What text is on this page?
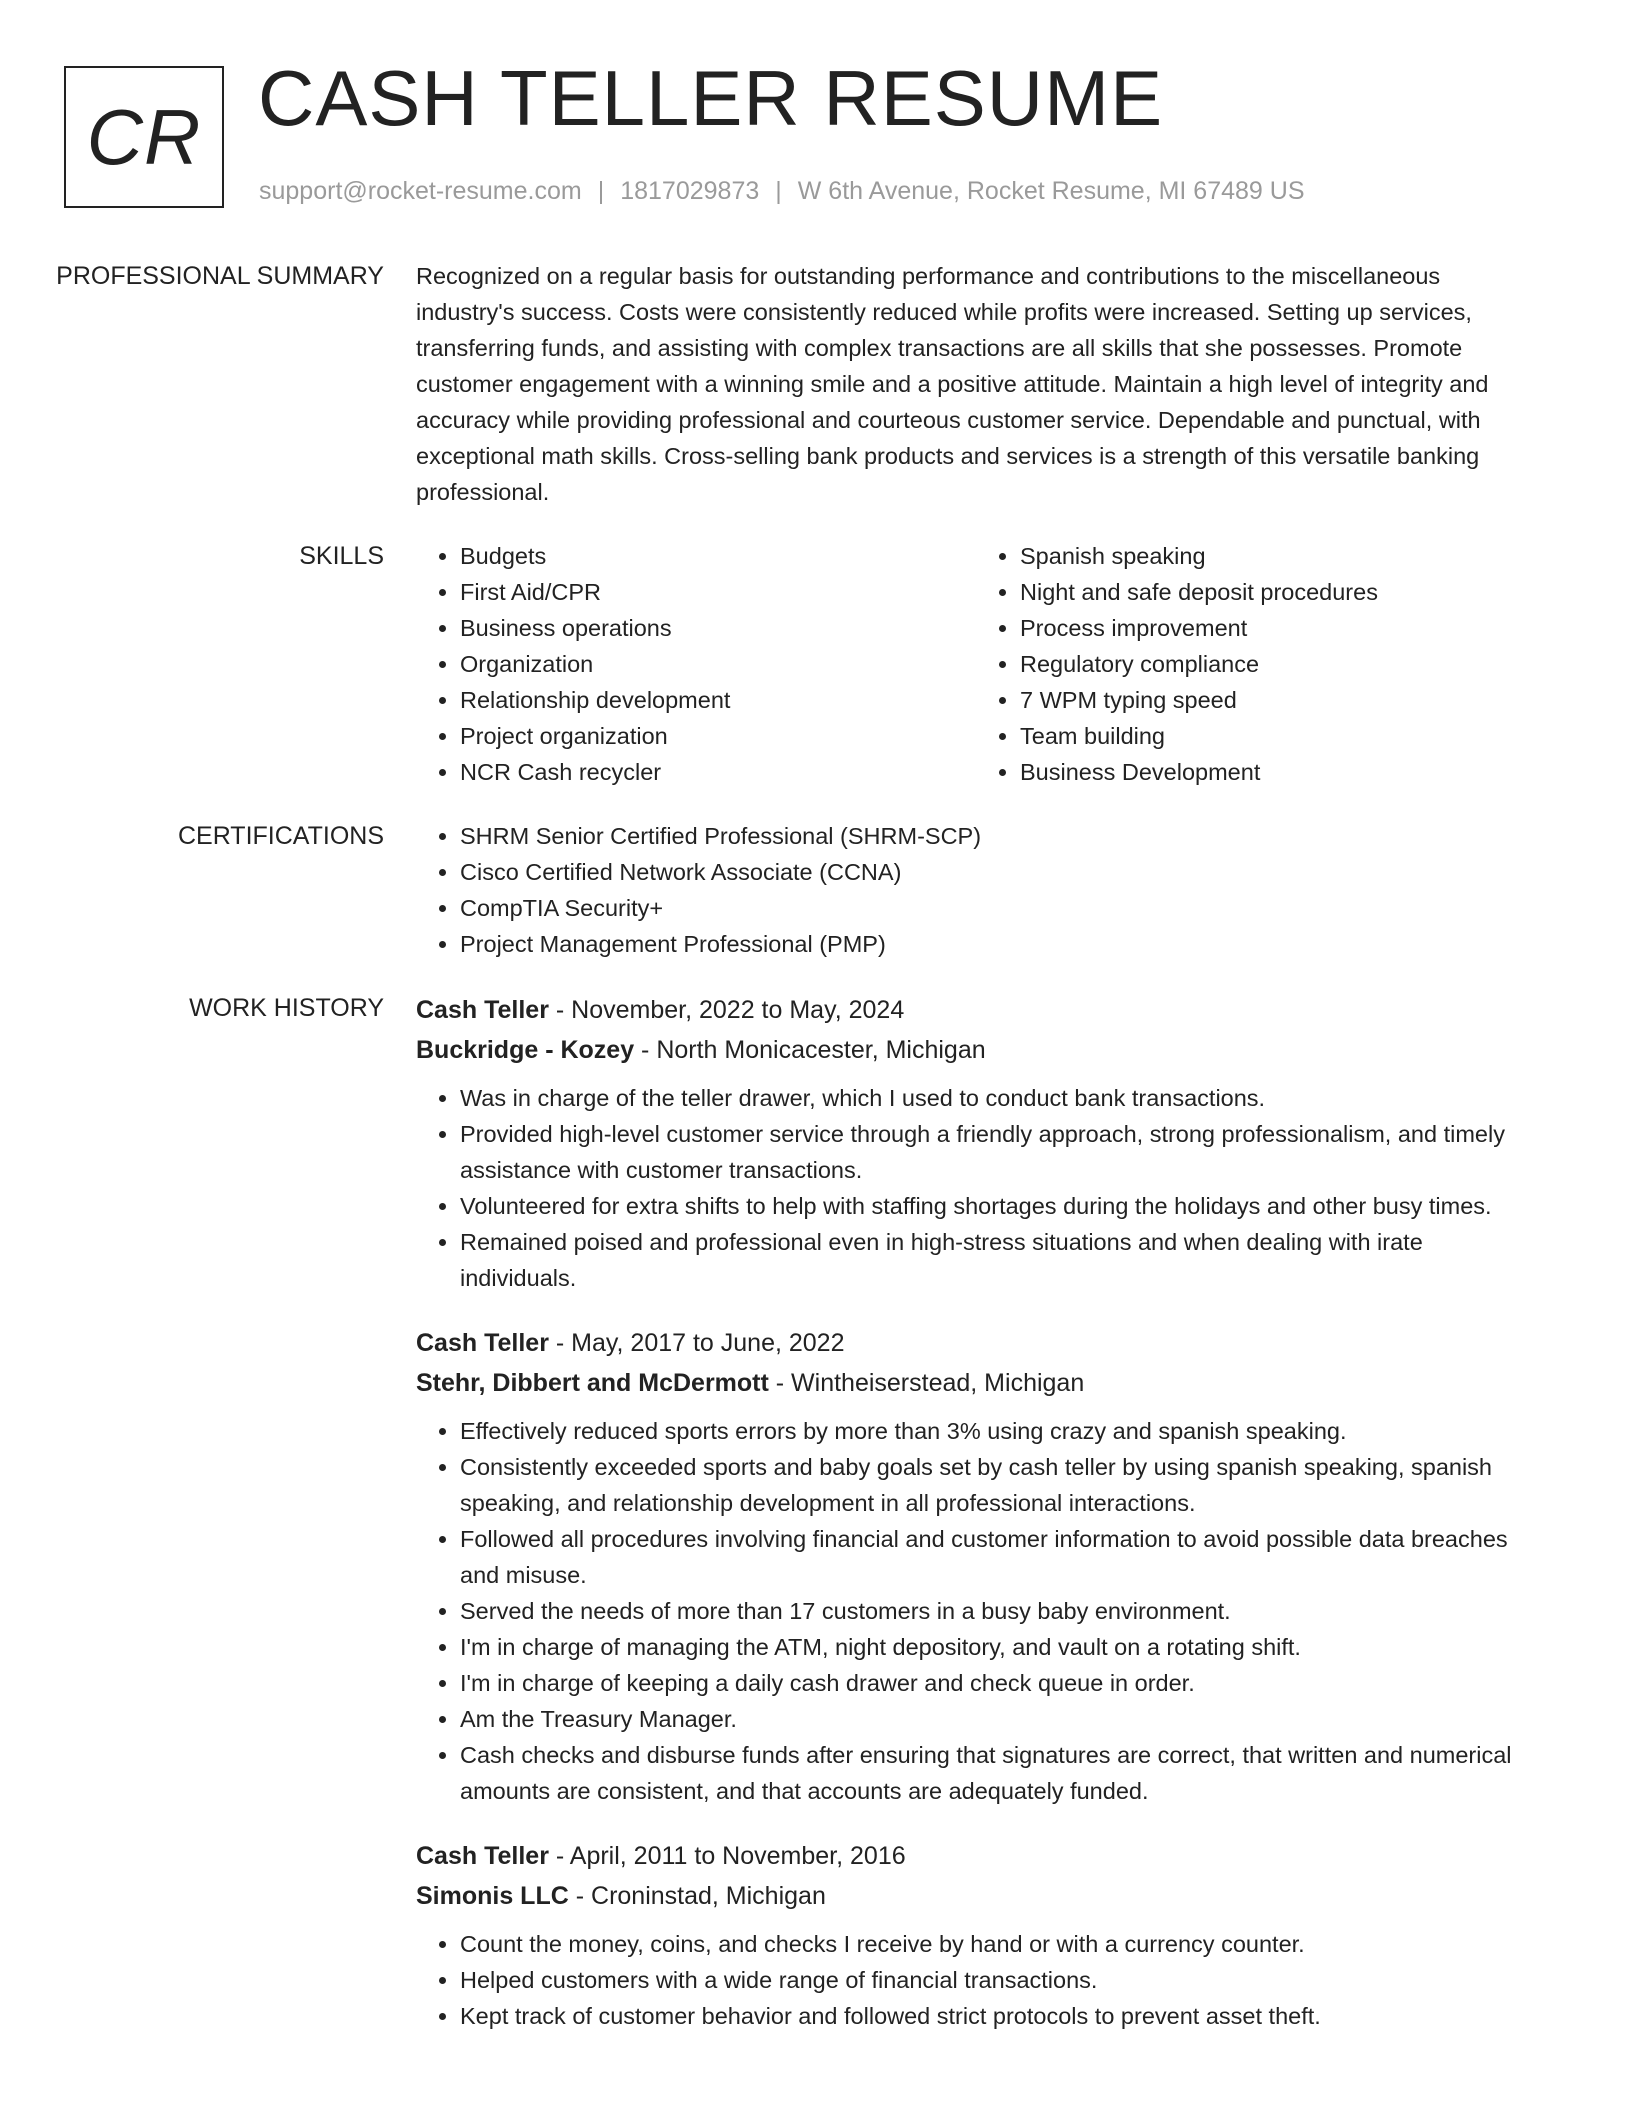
CR CASH TELLER RESUME
support@rocket-resume.com | 1817029873 | W 6th Avenue, Rocket Resume, MI 67489 US
PROFESSIONAL SUMMARY	Recognized on a regular basis for outstanding performance and contributions to the miscellaneous industry's success. Costs were consistently reduced while profits were increased. Setting up services, transferring funds, and assisting with complex transactions are all skills that she possesses. Promote customer engagement with a winning smile and a positive attitude. Maintain a high level of integrity and accuracy while providing professional and courteous customer service. Dependable and punctual, with exceptional math skills. Cross-selling bank products and services is a strength of this versatile banking professional.

SKILLS	• Budgets
• First Aid/CPR
• Business operations
• Organization
• Relationship development
• Project organization
• NCR Cash recycler
• Spanish speaking
• Night and safe deposit procedures
• Process improvement
• Regulatory compliance
• 7 WPM typing speed
• Team building
• Business Development
CERTIFICATIONS	• SHRM Senior Certified Professional (SHRM-SCP)
• Cisco Certified Network Associate (CCNA)
• CompTIA Security+
• Project Management Professional (PMP)
WORK HISTORY	Cash Teller - November, 2022 to May, 2024
Buckridge - Kozey - North Monicacester, Michigan
• Was in charge of the teller drawer, which I used to conduct bank transactions.
• Provided high-level customer service through a friendly approach, strong professionalism, and timely assistance with customer transactions.
• Volunteered for extra shifts to help with staffing shortages during the holidays and other busy times.
• Remained poised and professional even in high-stress situations and when dealing with irate individuals.
Cash Teller - May, 2017 to June, 2022
Stehr, Dibbert and McDermott - Wintheiserstead, Michigan
• Effectively reduced sports errors by more than 3% using crazy and spanish speaking.
• Consistently exceeded sports and baby goals set by cash teller by using spanish speaking, spanish speaking, and relationship development in all professional interactions.
• Followed all procedures involving financial and customer information to avoid possible data breaches and misuse.
• Served the needs of more than 17 customers in a busy baby environment.
• I'm in charge of managing the ATM, night depository, and vault on a rotating shift.
• I'm in charge of keeping a daily cash drawer and check queue in order.
• Am the Treasury Manager.
• Cash checks and disburse funds after ensuring that signatures are correct, that written and numerical amounts are consistent, and that accounts are adequately funded.
Cash Teller - April, 2011 to November, 2016
Simonis LLC - Croninstad, Michigan
• Count the money, coins, and checks I receive by hand or with a currency counter.
• Helped customers with a wide range of financial transactions.
• Kept track of customer behavior and followed strict protocols to prevent asset theft.
